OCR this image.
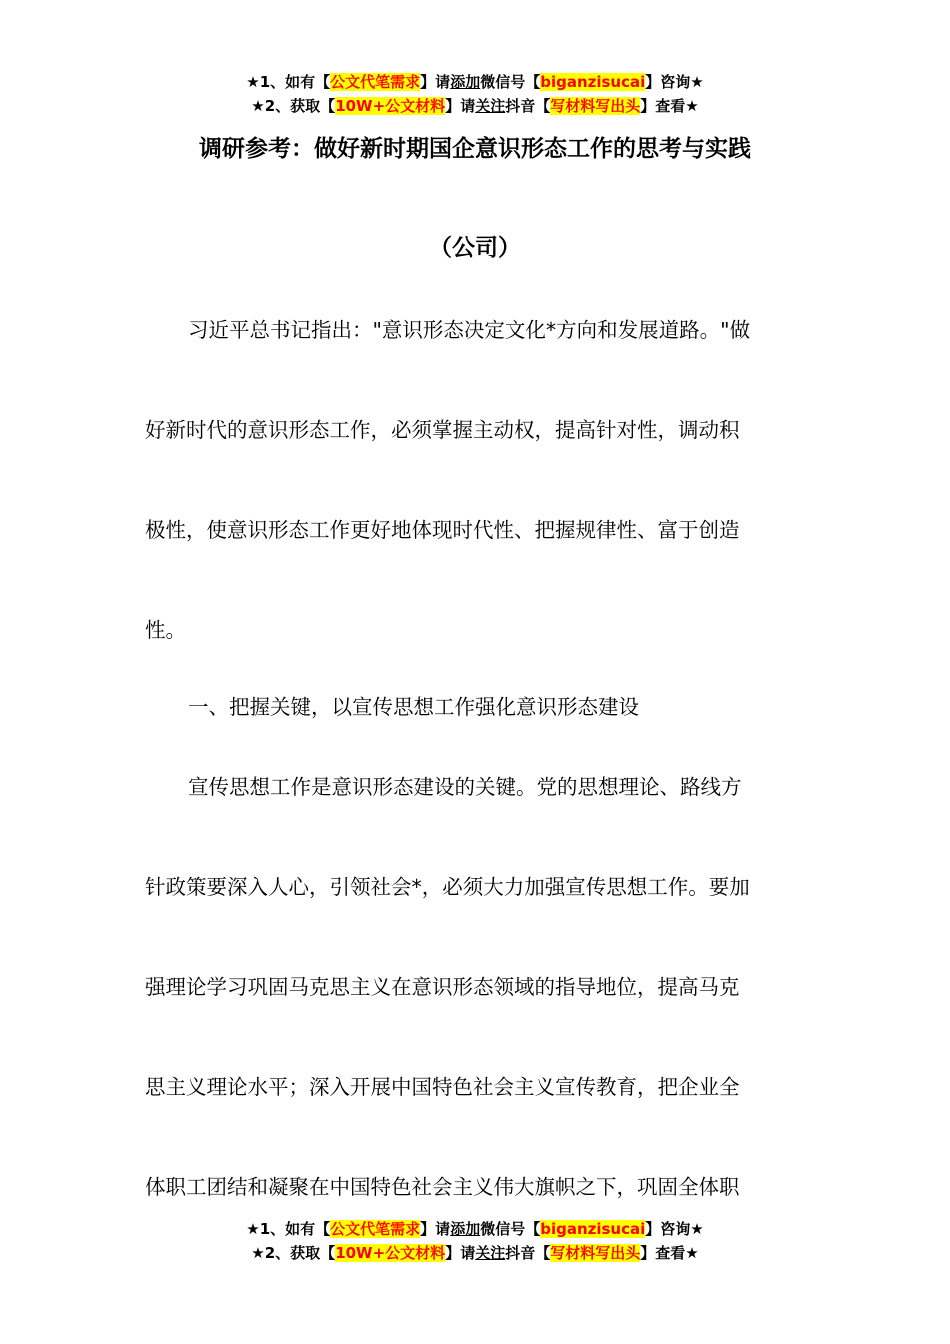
★1、如有【公文代笔需求】请添加微信号【biganzisucai】咨询★
★2、获取【10W+公文材料】请关注抖音【写材料写出头】查看★
调研参考：做好新时期国企意识形态工作的思考与实践
（公司）
习近平总书记指出："意识形态决定文化*方向和发展道路。"做
好新时代的意识形态工作，必须掌握主动权，提高针对性，调动积
极性，使意识形态工作更好地体现时代性、把握规律性、富于创造
性。
一、把握关键，以宣传思想工作强化意识形态建设
宣传思想工作是意识形态建设的关键。党的思想理论、路线方
针政策要深入人心，引领社会*，必须大力加强宣传思想工作。要加
强理论学习巩固马克思主义在意识形态领域的指导地位，提高马克
思主义理论水平；深入开展中国特色社会主义宣传教育，把企业全
体职工团结和凝聚在中国特色社会主义伟大旗帜之下，巩固全体职
★1、如有【公文代笔需求】请添加微信号【biganzisucai】咨询★
★2、获取【10W+公文材料】请关注抖音【写材料写出头】查看★
